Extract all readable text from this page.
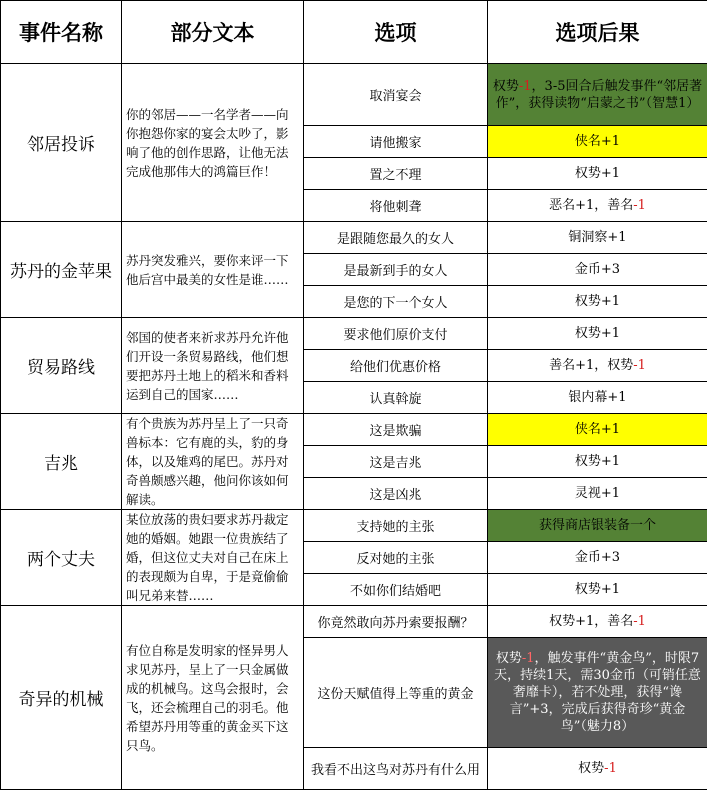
事件名称	部分文本	选项	选项后果
邻居投诉	你的邻居——一名学者——向你抱怨你家的宴会太吵了，影响了他的创作思路，让他无法完成他那伟大的鸿篇巨作！	取消宴会	权势-1，3-5回合后触发事件“邻居著作”，获得读物“启蒙之书”（智慧1）
		请他搬家	侠名+1
		置之不理	权势+1
		将他刺聋	恶名+1，善名-1
苏丹的金苹果	苏丹突发雅兴，要你来评一下他后宫中最美的女性是谁……	是跟随您最久的女人	铜洞察+1
		是最新到手的女人	金币+3
		是您的下一个女人	权势+1
贸易路线	邻国的使者来祈求苏丹允许他们开设一条贸易路线，他们想要把苏丹土地上的稻米和香料运到自己的国家……	要求他们原价支付	权势+1
		给他们优惠价格	善名+1，权势-1
		认真斡旋	银内幕+1
吉兆	有个贵族为苏丹呈上了一只奇兽标本：它有鹿的头，豹的身体，以及雉鸡的尾巴。苏丹对奇兽颇感兴趣，他问你该如何解读。	这是欺骗	侠名+1
		这是吉兆	权势+1
		这是凶兆	灵视+1
两个丈夫	某位放荡的贵妇要求苏丹裁定她的婚姻。她跟一位贵族结了婚，但这位丈夫对自己在床上的表现颇为自卑，于是竟偷偷叫兄弟来替……	支持她的主张	获得商店银装备一个
		反对她的主张	金币+3
		不如你们结婚吧	权势+1
奇异的机械	有位自称是发明家的怪异男人求见苏丹，呈上了一只金属做成的机械鸟。这鸟会报时，会飞，还会梳理自己的羽毛。他希望苏丹用等重的黄金买下这只鸟。	你竟然敢向苏丹索要报酬？	权势+1，善名-1
		这份天赋值得上等重的黄金	权势-1，触发事件“黄金鸟”，时限7天，持续1天，需30金币（可销任意奢靡卡），若不处理，获得“谗言”+3，完成后获得奇珍“黄金鸟”（魅力8）
		我看不出这鸟对苏丹有什么用	权势-1
